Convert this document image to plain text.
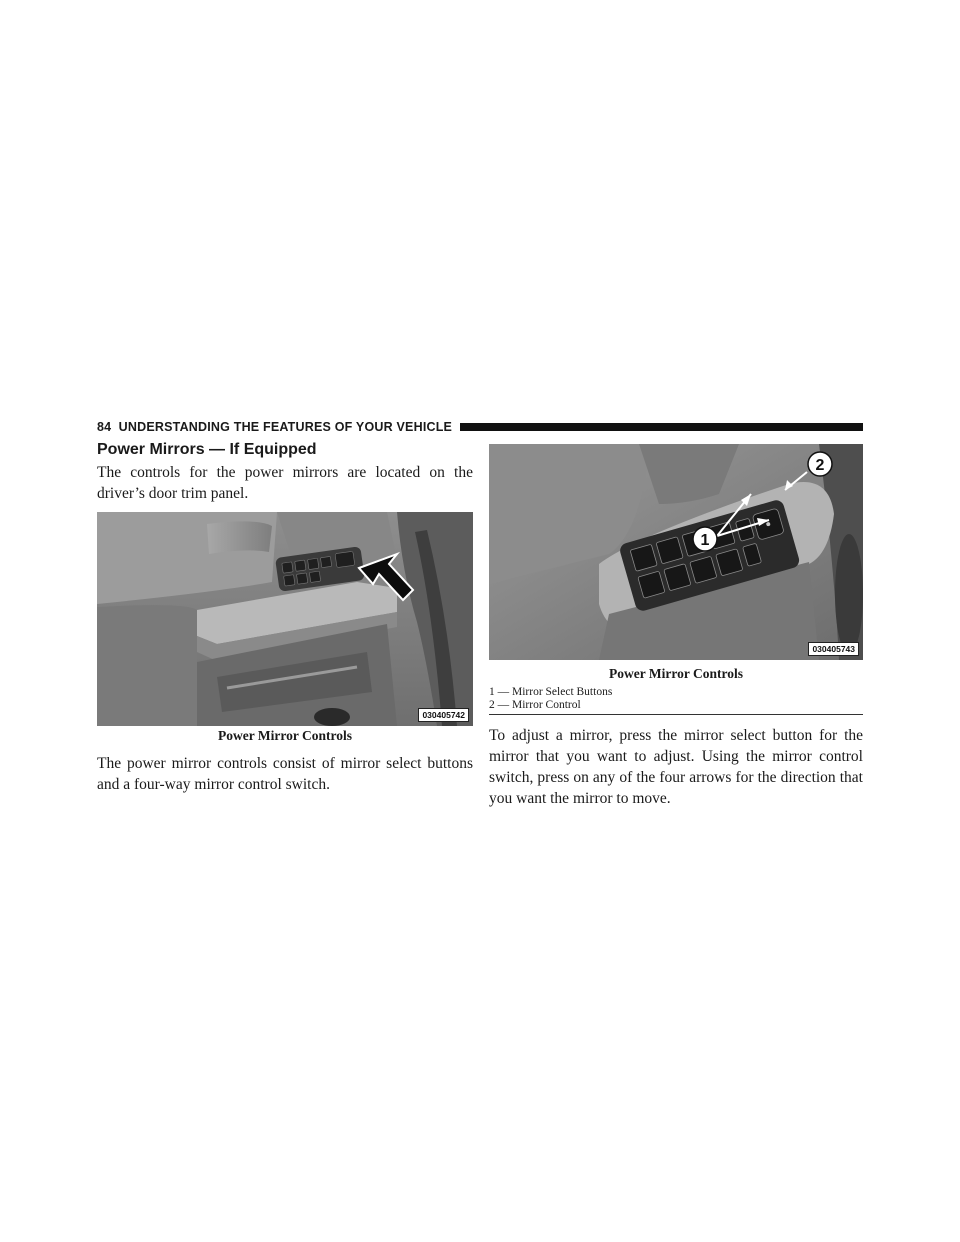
84 UNDERSTANDING THE FEATURES OF YOUR VEHICLE
Power Mirrors — If Equipped

The controls for the power mirrors are located on the driver’s door trim panel.

030405742
Power Mirror Controls

The power mirror controls consist of mirror select buttons and a four-way mirror control switch.

1
2
030405743
Power Mirror Controls
1 — Mirror Select Buttons
2 — Mirror Control

To adjust a mirror, press the mirror select button for the mirror that you want to adjust. Using the mirror control switch, press on any of the four arrows for the direction that you want the mirror to move.
